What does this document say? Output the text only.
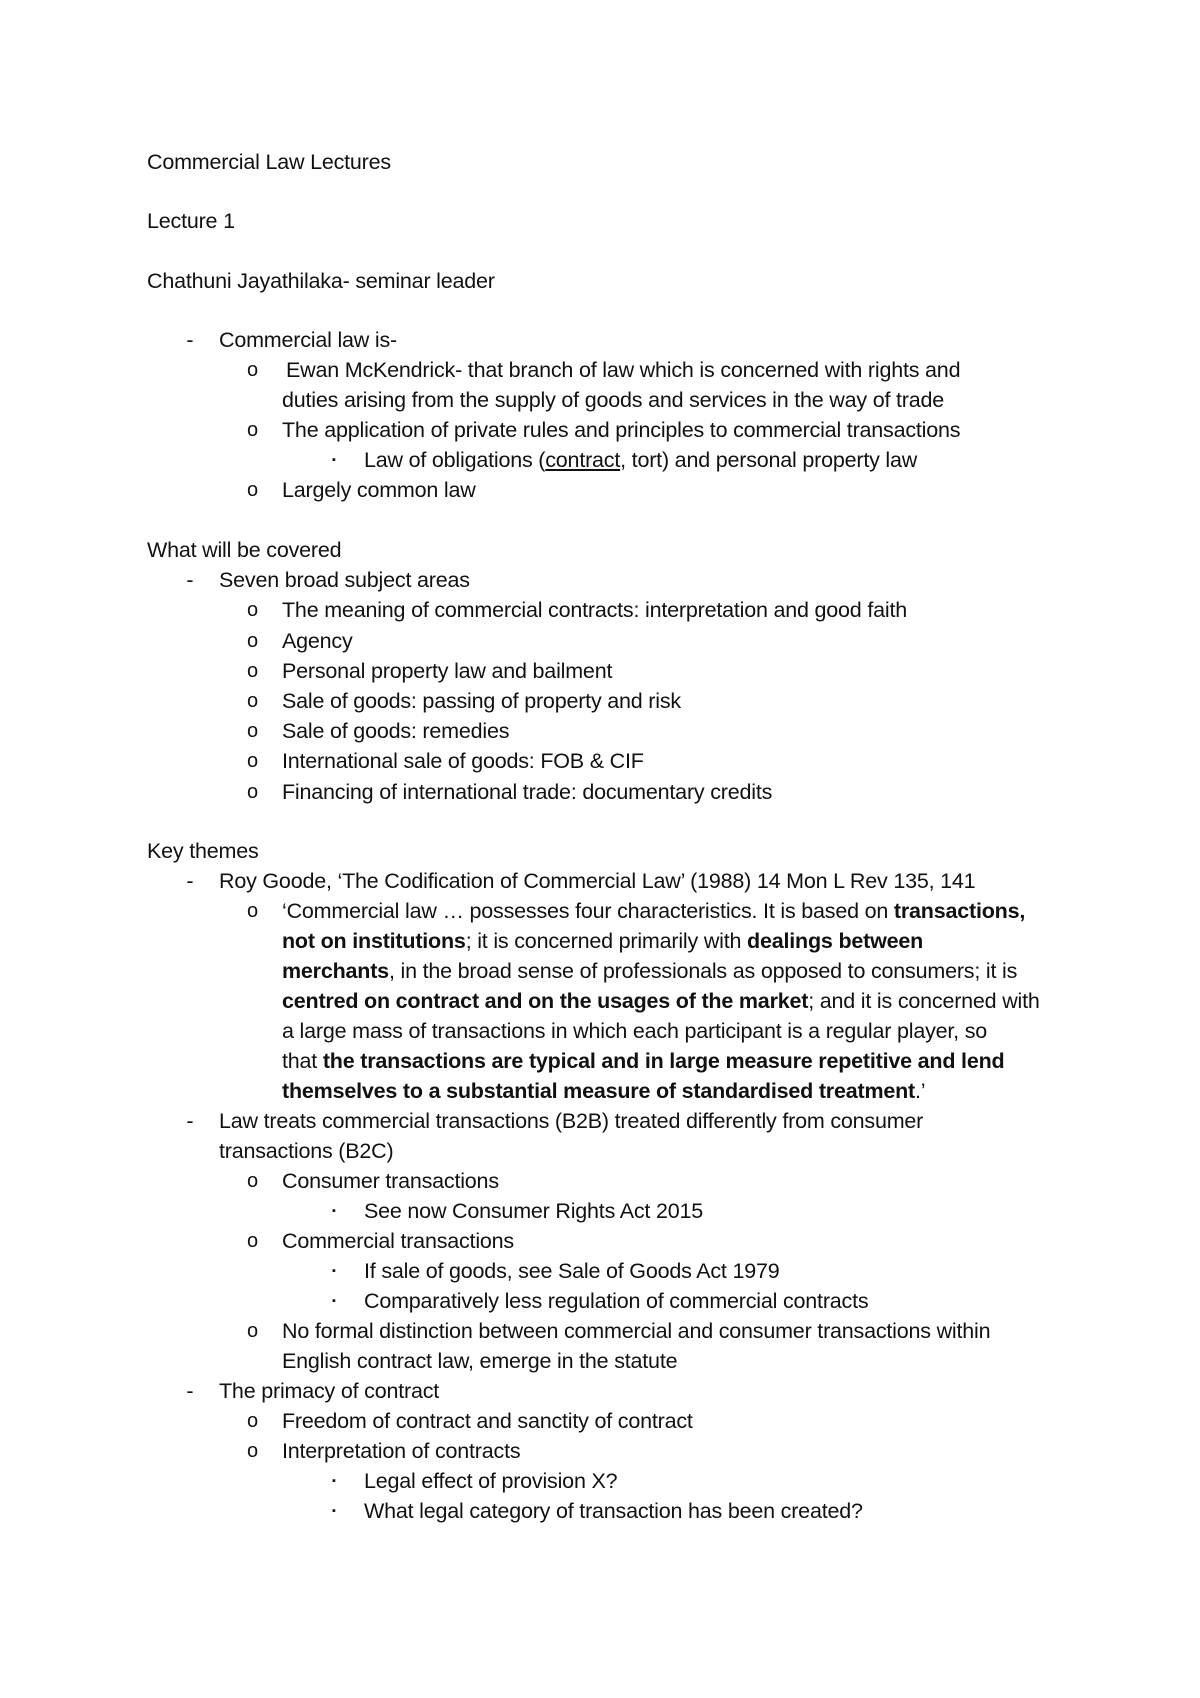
Commercial Law Lectures
Lecture 1
Chathuni Jayathilaka- seminar leader
- Commercial law is-
o Ewan McKendrick- that branch of law which is concerned with rights and
duties arising from the supply of goods and services in the way of trade
o The application of private rules and principles to commercial transactions
▪ Law of obligations (contract, tort) and personal property law
o Largely common law
What will be covered
- Seven broad subject areas
o The meaning of commercial contracts: interpretation and good faith
o Agency
o Personal property law and bailment
o Sale of goods: passing of property and risk
o Sale of goods: remedies
o International sale of goods: FOB & CIF
o Financing of international trade: documentary credits
Key themes
- Roy Goode, ‘The Codification of Commercial Law’ (1988) 14 Mon L Rev 135, 141
o ‘Commercial law … possesses four characteristics. It is based on transactions,
not on institutions; it is concerned primarily with dealings between
merchants, in the broad sense of professionals as opposed to consumers; it is
centred on contract and on the usages of the market; and it is concerned with
a large mass of transactions in which each participant is a regular player, so
that the transactions are typical and in large measure repetitive and lend
themselves to a substantial measure of standardised treatment.’
- Law treats commercial transactions (B2B) treated differently from consumer
transactions (B2C)
o Consumer transactions
▪ See now Consumer Rights Act 2015
o Commercial transactions
▪ If sale of goods, see Sale of Goods Act 1979
▪ Comparatively less regulation of commercial contracts
o No formal distinction between commercial and consumer transactions within
English contract law, emerge in the statute
- The primacy of contract
o Freedom of contract and sanctity of contract
o Interpretation of contracts
▪ Legal effect of provision X?
▪ What legal category of transaction has been created?
